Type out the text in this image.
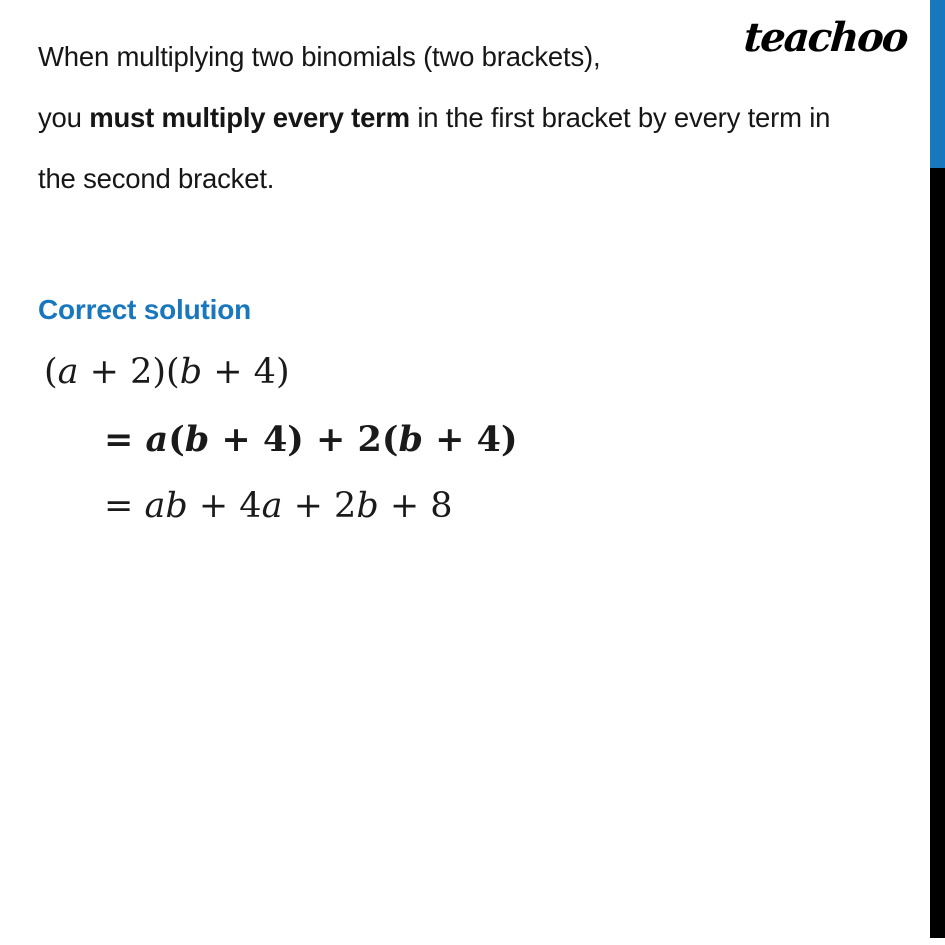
teachoo
When multiplying two binomials (two brackets),
you must multiply every term in the first bracket by every term in
the second bracket.
Correct solution
(a + 2)(b + 4)
= a(b + 4) + 2(b + 4)
= ab + 4a + 2b + 8
